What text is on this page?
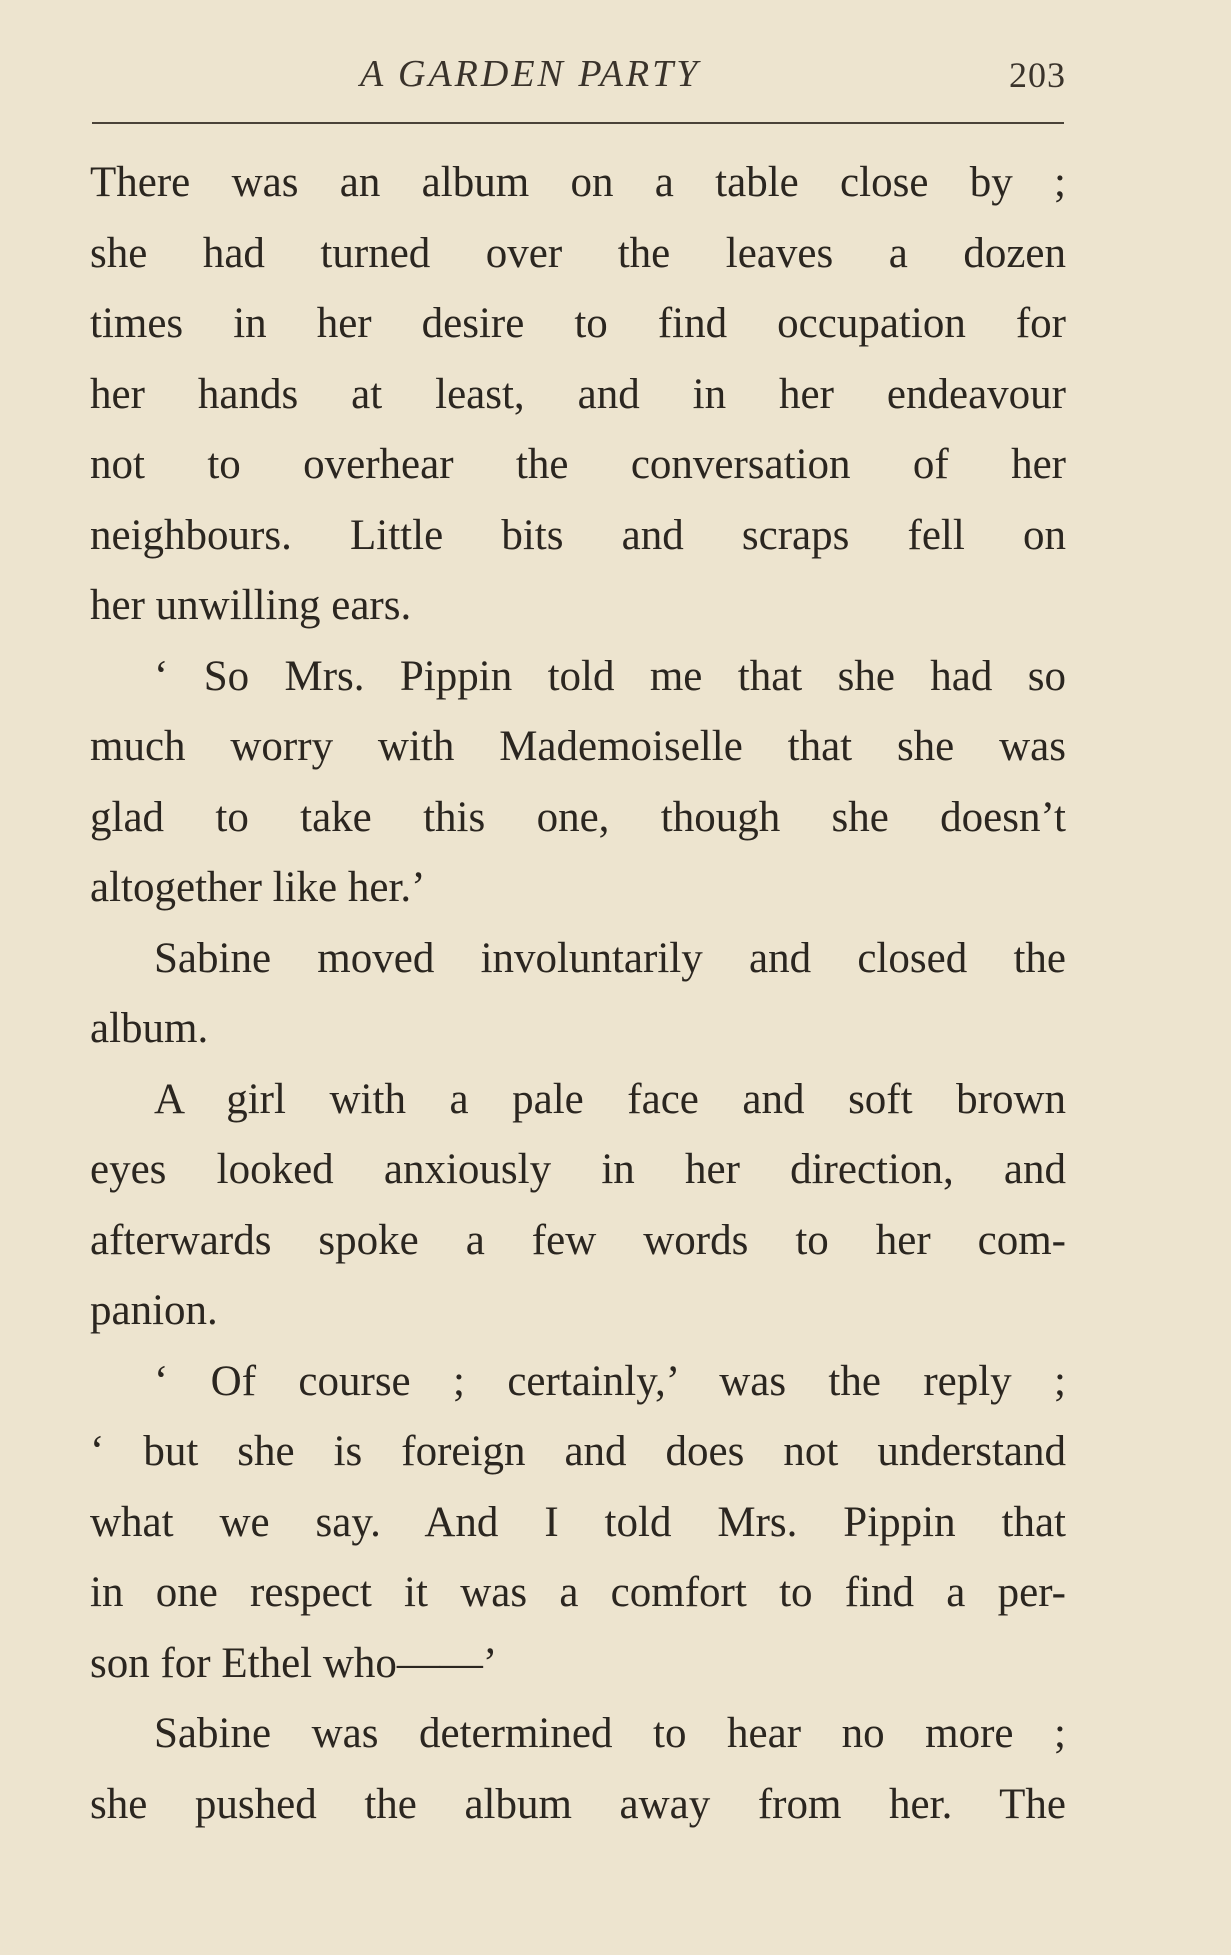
A GARDEN PARTY	203
There was an album on a table close by ;
she had turned over the leaves a dozen
times in her desire to find occupation for
her hands at least, and in her endeavour
not to overhear the conversation of her
neighbours. Little bits and scraps fell on
her unwilling ears.
‘ So Mrs. Pippin told me that she had so
much worry with Mademoiselle that she was
glad to take this one, though she doesn’t
altogether like her.’
Sabine moved involuntarily and closed the
album.
A girl with a pale face and soft brown
eyes looked anxiously in her direction, and
afterwards spoke a few words to her com-
panion.
‘ Of course ; certainly,’ was the reply ;
‘ but she is foreign and does not understand
what we say. And I told Mrs. Pippin that
in one respect it was a comfort to find a per-
son for Ethel who——’
Sabine was determined to hear no more ;
she pushed the album away from her. The
